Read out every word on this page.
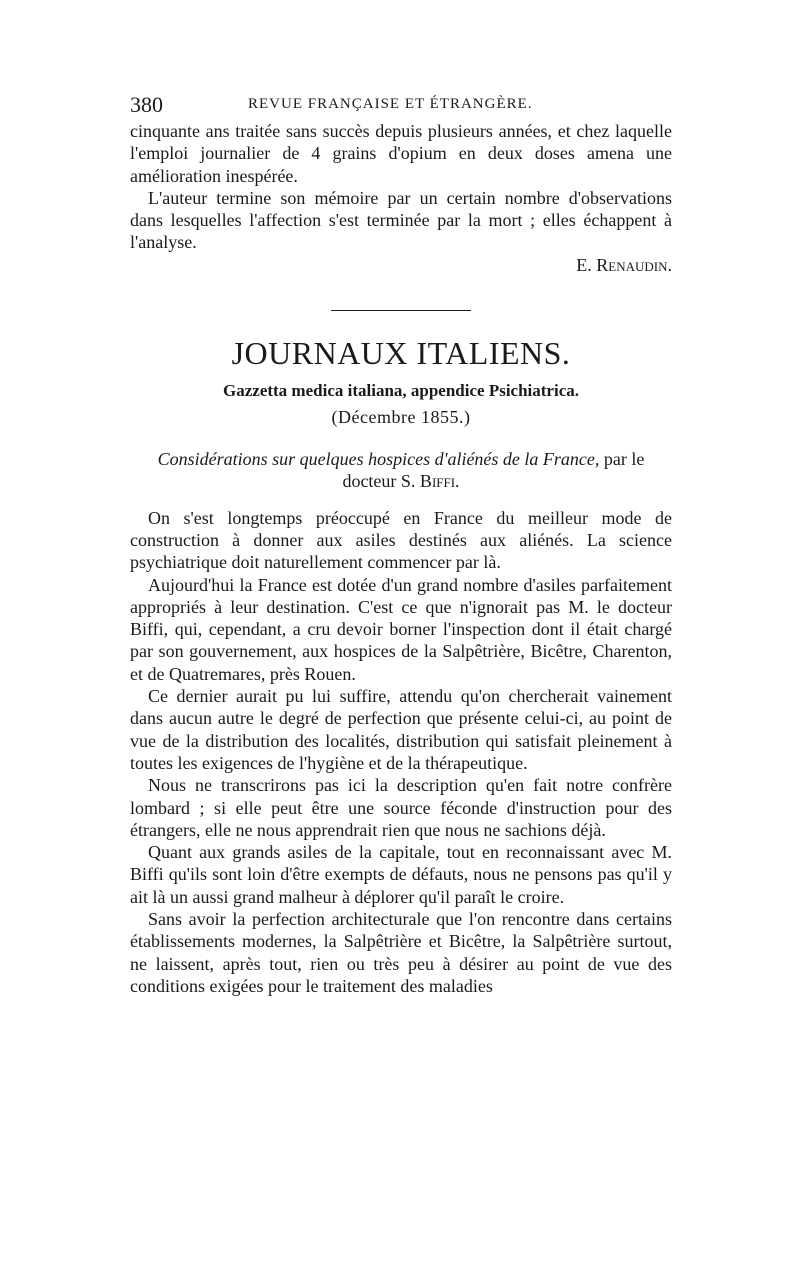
380	REVUE FRANÇAISE ET ÉTRANGÈRE.

cinquante ans traitée sans succès depuis plusieurs années, et chez laquelle l'emploi journalier de 4 grains d'opium en deux doses amena une amélioration inespérée.

L'auteur termine son mémoire par un certain nombre d'observations dans lesquelles l'affection s'est terminée par la mort ; elles échappent à l'analyse.

E. Renaudin.

JOURNAUX ITALIENS.
Gazzetta medica italiana, appendice Psichiatrica.
(Décembre 1855.)
Considérations sur quelques hospices d'aliénés de la France, par le docteur S. Biffi.

On s'est longtemps préoccupé en France du meilleur mode de construction à donner aux asiles destinés aux aliénés. La science psychiatrique doit naturellement commencer par là.

Aujourd'hui la France est dotée d'un grand nombre d'asiles parfaitement appropriés à leur destination. C'est ce que n'ignorait pas M. le docteur Biffi, qui, cependant, a cru devoir borner l'inspection dont il était chargé par son gouvernement, aux hospices de la Salpêtrière, Bicêtre, Charenton, et de Quatremares, près Rouen.

Ce dernier aurait pu lui suffire, attendu qu'on chercherait vainement dans aucun autre le degré de perfection que présente celui-ci, au point de vue de la distribution des localités, distribution qui satisfait pleinement à toutes les exigences de l'hygiène et de la thérapeutique.

Nous ne transcrirons pas ici la description qu'en fait notre confrère lombard ; si elle peut être une source féconde d'instruction pour des étrangers, elle ne nous apprendrait rien que nous ne sachions déjà.

Quant aux grands asiles de la capitale, tout en reconnaissant avec M. Biffi qu'ils sont loin d'être exempts de défauts, nous ne pensons pas qu'il y ait là un aussi grand malheur à déplorer qu'il paraît le croire.

Sans avoir la perfection architecturale que l'on rencontre dans certains établissements modernes, la Salpêtrière et Bicêtre, la Salpêtrière surtout, ne laissent, après tout, rien ou très peu à désirer au point de vue des conditions exigées pour le traitement des maladies
